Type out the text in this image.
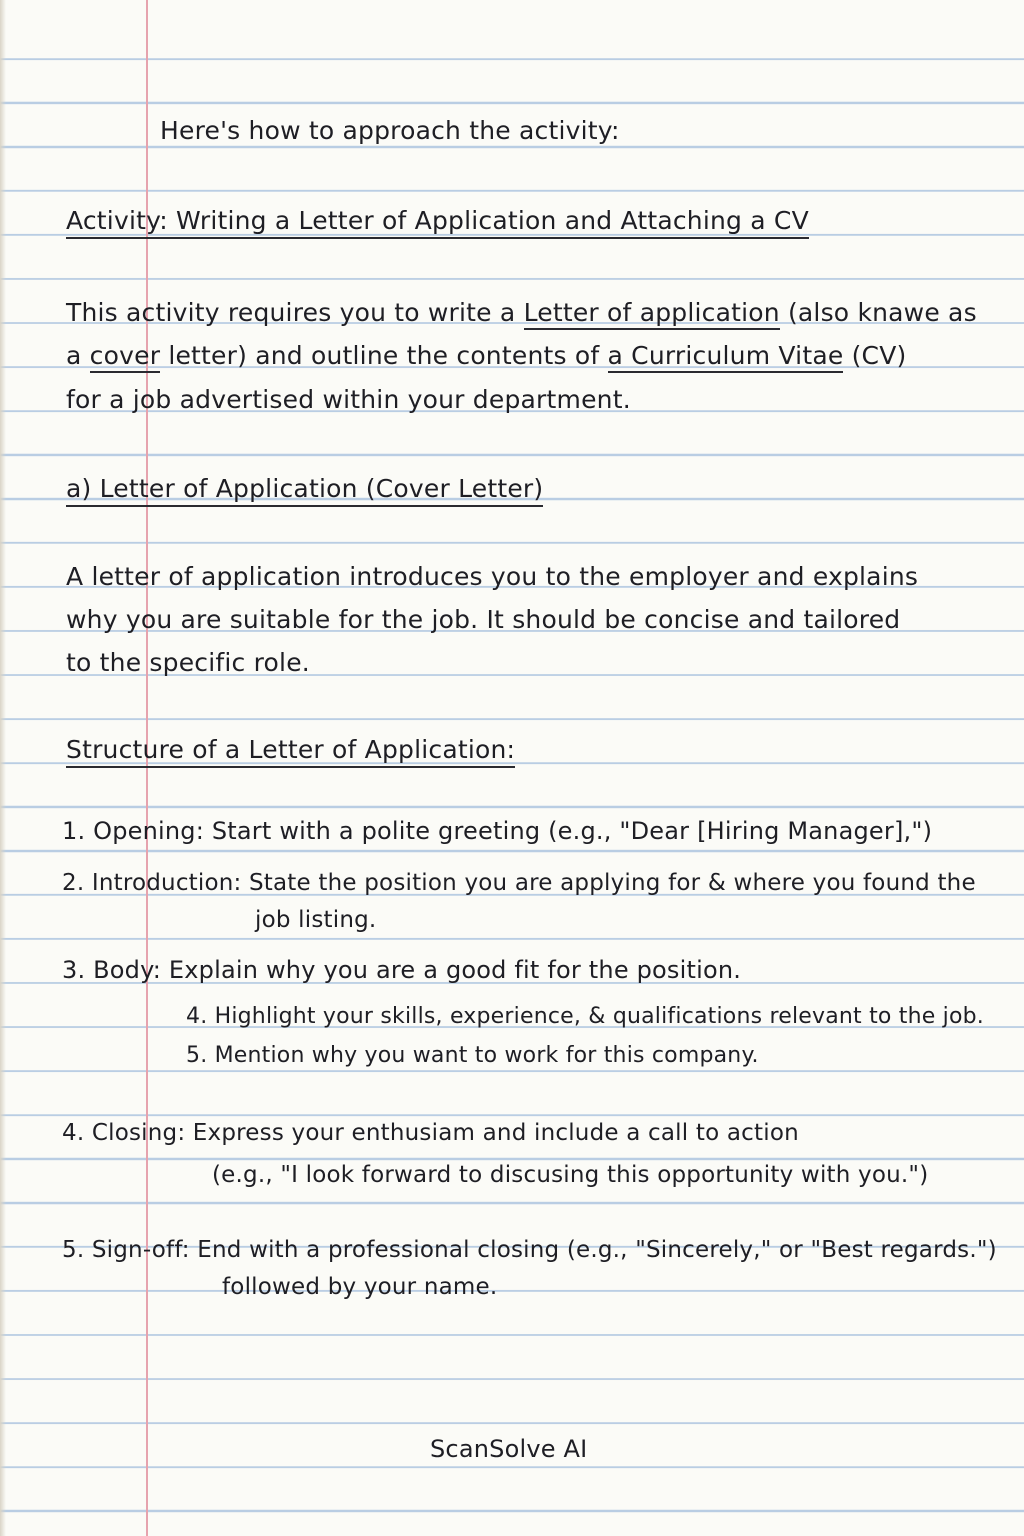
Here's how to approach the activity:
Activity: Writing a Letter of Application and Attaching a CV
This activity requires you to write a Letter of application (also knawe as
a cover letter) and outline the contents of a Curriculum Vitae (CV)
for a job advertised within your department.
a) Letter of Application (Cover Letter)
A letter of application introduces you to the employer and explains
why you are suitable for the job. It should be concise and tailored
to the specific role.
Structure of a Letter of Application:
1. Opening: Start with a polite greeting (e.g., "Dear [Hiring Manager],")
2. Introduction: State the position you are applying for & where you found the
job listing.
3. Body: Explain why you are a good fit for the position.
4. Highlight your skills, experience, & qualifications relevant to the job.
5. Mention why you want to work for this company.
4. Closing: Express your enthusiam and include a call to action
(e.g., "I look forward to discusing this opportunity with you.")
5. Sign-off: End with a professional closing (e.g., "Sincerely," or "Best regards.")
followed by your name.
ScanSolve AI
